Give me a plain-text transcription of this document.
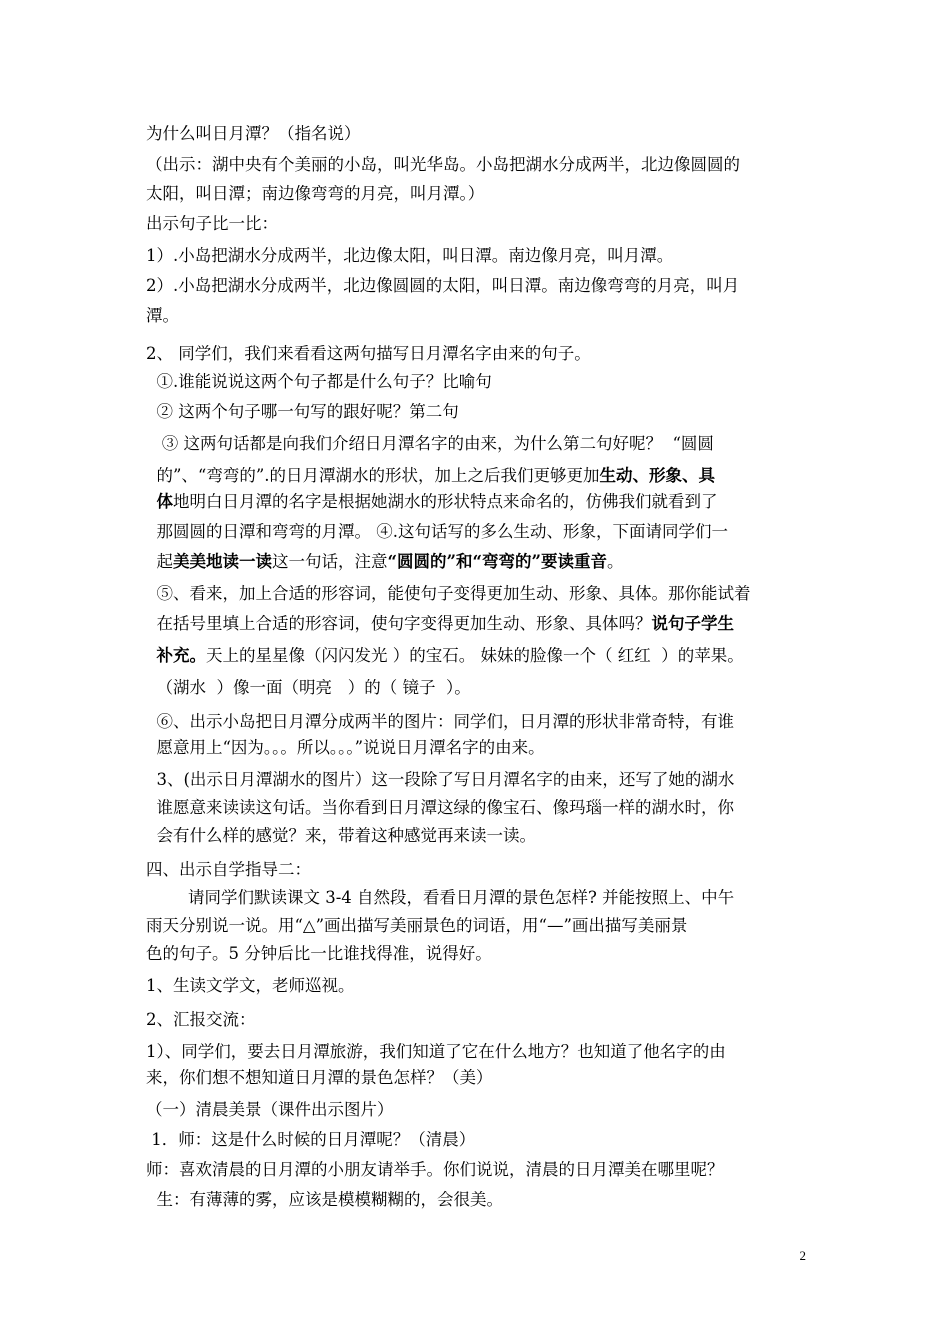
为什么叫日月潭？（指名说）
（出示：湖中央有个美丽的小岛，叫光华岛。小岛把湖水分成两半，北边像圆圆的
太阳，叫日潭；南边像弯弯的月亮，叫月潭。）
出示句子比一比：
1）.小岛把湖水分成两半，北边像太阳，叫日潭。南边像月亮，叫月潭。
2）.小岛把湖水分成两半，北边像圆圆的太阳，叫日潭。南边像弯弯的月亮，叫月
潭。
2、 同学们，我们来看看这两句描写日月潭名字由来的句子。
①.谁能说说这两个句子都是什么句子？比喻句
② 这两个句子哪一句写的跟好呢？第二句
③ 这两句话都是向我们介绍日月潭名字的由来，为什么第二句好呢？  “圆圆
的”、“弯弯的”.的日月潭湖水的形状，加上之后我们更够更加生动、形象、具
体地明白日月潭的名字是根据她湖水的形状特点来命名的，仿佛我们就看到了
那圆圆的日潭和弯弯的月潭。 ④.这句话写的多么生动、形象，下面请同学们一
起美美地读一读这一句话，注意“圆圆的”和“弯弯的”要读重音。
⑤、看来，加上合适的形容词，能使句子变得更加生动、形象、具体。那你能试着
在括号里填上合适的形容词，使句字变得更加生动、形象、具体吗？说句子学生
补充。天上的星星像（闪闪发光 ）的宝石。 妹妹的脸像一个（ 红红  ）的苹果。
（湖水  ）像一面（明亮   ）的（ 镜子  ）。
⑥、出示小岛把日月潭分成两半的图片：同学们，日月潭的形状非常奇特，有谁
愿意用上“因为。。。所以。。。”说说日月潭名字的由来。
3、(出示日月潭湖水的图片）这一段除了写日月潭名字的由来，还写了她的湖水
谁愿意来读读这句话。当你看到日月潭这绿的像宝石、像玛瑙一样的湖水时，你
会有什么样的感觉？来，带着这种感觉再来读一读。
四、出示自学指导二：
请同学们默读课文 3-4 自然段，看看日月潭的景色怎样? 并能按照上、中午
雨天分别说一说。用“△”画出描写美丽景色的词语，用“—”画出描写美丽景
色的句子。5 分钟后比一比谁找得准，说得好。
1、生读文学文，老师巡视。
2、汇报交流：
1）、同学们，要去日月潭旅游，我们知道了它在什么地方？也知道了他名字的由
来，你们想不想知道日月潭的景色怎样？（美）
（一）清晨美景（课件出示图片）
1．师：这是什么时候的日月潭呢？（清晨）
师：喜欢清晨的日月潭的小朋友请举手。你们说说，清晨的日月潭美在哪里呢？
生：有薄薄的雾，应该是模模糊糊的，会很美。
2
